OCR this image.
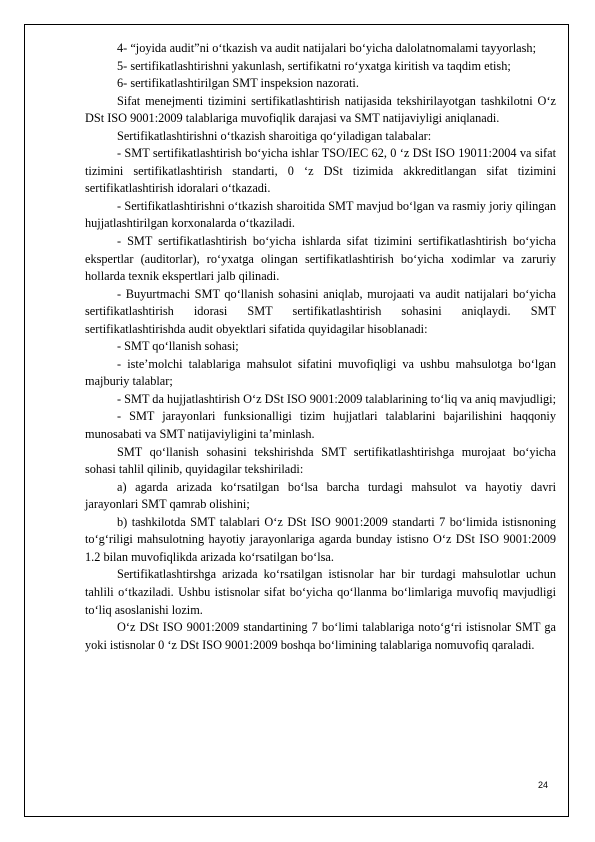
4- “joyida audit”ni o‘tkazish va audit natijalari bo‘yicha dalolatnomalami tayyorlash;

5- sertifikatlashtirishni yakunlash, sertifikatni ro‘yxatga kiritish va taqdim etish;

6- sertifikatlashtirilgan SMT inspeksion nazorati.

Sifat menejmenti tizimini sertifikatlashtirish natijasida tekshirilayotgan tashkilotni O‘z DSt ISO 9001:2009 talablariga muvofiqlik darajasi va SMT natijaviyligi aniqlanadi.

Sertifikatlashtirishni o‘tkazish sharoitiga qo‘yiladigan talabalar:

- SMT sertifikatlashtirish bo‘yicha ishlar TSO/IEC 62, 0 ‘z DSt ISO 19011:2004 va sifat tizimini sertifikatlashtirish standarti, 0 ‘z DSt tizimida akkreditlangan sifat tizimini sertifikatlashtirish idoralari o‘tkazadi.

- Sertifikatlashtirishni o‘tkazish sharoitida SMT mavjud bo‘lgan va rasmiy joriy qilingan hujjatlashtirilgan korxonalarda o‘tkaziladi.

- SMT sertifikatlashtirish bo‘yicha ishlarda sifat tizimini sertifikatlashtirish bo‘yicha ekspertlar (auditorlar), ro‘yxatga olingan sertifikatlashtirish bo‘yicha xodimlar va zaruriy hollarda texnik ekspertlari jalb qilinadi.

- Buyurtmachi SMT qo‘llanish sohasini aniqlab, murojaati va audit natijalari bo‘yicha sertifikatlashtirish idorasi SMT sertifikatlashtirish sohasini aniqlaydi. SMT sertifikatlashtirishda audit obyektlari sifatida quyidagilar hisoblanadi:

- SMT qo‘llanish sohasi;

- iste’molchi talablariga mahsulot sifatini muvofiqligi va ushbu mahsulotga bo‘lgan majburiy talablar;

- SMT da hujjatlashtirish O‘z DSt ISO 9001:2009 talablarining to‘liq va aniq mavjudligi;

- SMT jarayonlari funksionalligi tizim hujjatlari talablarini bajarilishini haqqoniy munosabati va SMT natijaviyligini ta’minlash.

SMT qo‘llanish sohasini tekshirishda SMT sertifikatlashtirishga murojaat bo‘yicha sohasi tahlil qilinib, quyidagilar tekshiriladi:

a) agarda arizada ko‘rsatilgan bo‘lsa barcha turdagi mahsulot va hayotiy davri jarayonlari SMT qamrab olishini;

b) tashkilotda SMT talablari O‘z DSt ISO 9001:2009 standarti 7 bo‘limida istisnoning to‘g‘riligi mahsulotning hayotiy jarayonlariga agarda bunday istisno O‘z DSt ISO 9001:2009 1.2 bilan muvofiqlikda arizada ko‘rsatilgan bo‘lsa.

Sertifikatlashtirshga arizada ko‘rsatilgan istisnolar har bir turdagi mahsulotlar uchun tahlili o‘tkaziladi. Ushbu istisnolar sifat bo‘yicha qo‘llanma bo‘limlariga muvofiq mavjudligi to‘liq asoslanishi lozim.

O‘z DSt ISO 9001:2009 standartining 7 bo‘limi talablariga noto‘g‘ri istisnolar SMT ga yoki istisnolar 0 ‘z DSt ISO 9001:2009 boshqa bo‘limining talablariga nomuvofiq qaraladi.

24
